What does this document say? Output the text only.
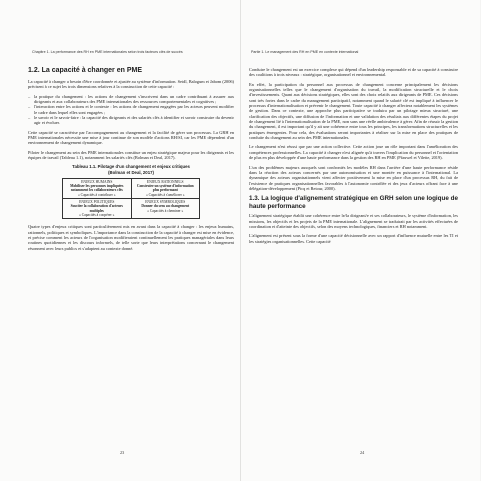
Chapitre 1. La performance des RH en PME internationales selon trois facteurs clés de succès
1.2. La capacité à changer en PME

La capacité à changer a besoin d'être coordonnée et ajustée au système d'information. Seidl, Balogum et Jabom (2006) précisent à ce sujet les trois dimensions relatives à la construction de cette capacité :

– la pratique du changement : les actions de changement s'inscrivent dans un cadre contribuant à assurer aux dirigeants et aux collaborateurs des PME internationales des ressources comportementales et cognitives ;
– l'interaction entre les actions et le contexte : les actions de changement engagées par les acteurs peuvent modifier le cadre dans lequel elles sont engagées ;
– le savoir et le savoir-faire : la capacité des dirigeants et des salariés clés à identifier et savoir construire du devenir agir et évoluer.

Cette capacité se caractérise par l'accompagnement au changement et la facilité de gérer son processus. La GRH en PME internationales nécessite une mise à jour continue de son modèle d'actions RH/SI, car les PME dépendent d'un environnement de changement dynamique.

Piloter le changement au sein des PME internationales constitue un enjeu stratégique majeur pour les dirigeants et les équipes de travail (Tableau 1.1), notamment les salariés clés (Bolman et Deal, 2017).

Tableau 1.1. Pilotage d'un changement et enjeux critiques
(Bolman et Deal, 2017)
ENJEUX HUMAINS
Mobiliser les personnes impliquées notamment les collaborateurs clés
« Capacités à contribuer »	ENJEUX RATIONNELS
Construire un système d'information plus performant
« Capacités à s'améliorer »

ENJEUX POLITIQUES
Susciter la collaboration d'acteurs multiples
« Capacités à coopérer »	ENJEUX SYMBOLIQUES
Donner du sens au changement
« Capacités à cheminer »

Quatre types d'enjeux critiques sont particulièrement mis en avant dans la capacité à changer : les enjeux humains, rationnels, politiques et symboliques. L'importance dans la construction de la capacité à changer est mise en évidence, et précise comment les acteurs de l'organisation modifieraient continuellement les pratiques managériales dans leurs routines quotidiennes et les discours informels, de telle sorte que leurs interprétations concernant le changement résonnent avec leurs publics et s'adaptent au contexte donné.

23
Partie 1. Le management des RH en PME en contexte international

Conduire le changement est un exercice complexe qui dépend d'un leadership responsable et de sa capacité à construire des coalitions à trois niveaux : stratégique, organisationnel et environnemental.

En effet, la participation du personnel aux processus de changement concerne principalement les décisions organisationnelles telles que le changement d'organisation du travail, la modification structurelle et le choix d'investissements. Quant aux décisions stratégiques, elles sont des choix relatifs aux dirigeants de PME. Ces décisions sont très fortes dans le cadre du management participatif, notamment quand le salarié clé est impliqué à influencer le processus d'internationalisation et prévenir le changement. Toute capacité à changer affectera notablement les systèmes de gestion. Dans ce contexte, une approche plus participative se traduira par un pilotage mieux structuré, une clarification des objectifs, une diffusion de l'information et une validation des résultats aux différentes étapes du projet de changement lié à l'internationalisation de la PME, non sans une réelle ambivalence à gérer. Afin de réussir la gestion du changement, il est important qu'il y ait une cohérence entre tous les principes, les transformations structurelles et les pratiques émergentes. Pour cela, des évaluations seront importantes à réaliser sur la mise en place des pratiques de conduite du changement au sein des PME internationales.

Le changement n'est réussi que par une action collective. Cette action joue un rôle important dans l'amélioration des compétences professionnelles. La capacité à changer n'est alignée qu'à travers l'implication du personnel et l'orientation de plus en plus développée d'une haute performance dans la gestion des RH en PME (Pfauwel et Vilette, 2019).

L'un des problèmes majeurs auxquels sont confrontés les modèles RH dans l'arrière d'une haute performance réside dans la réaction des acteurs concernés par une autonomisation et une montée en puissance à l'international. La dynamique des acteurs organisationnels vient affecter positivement la mise en place d'un processus RH, du fait de l'existence de pratiques organisationnelles favorables à l'autonomie contrôlée et des jeux d'acteurs offrant face à une délégation-développement (Picq et Retour, 2000).

1.3. La logique d'alignement stratégique en GRH selon une logique de haute performance

L'alignement stratégique établit une cohérence entre le/la dirigeant/e et ses collaborateurs, le système d'information, les missions, les objectifs et les projets de la PME internationale. L'alignement se traduirait par les activités effectuées de coordination et d'atteinte des objectifs, selon des moyens technologiques, financiers et RH notamment.

L'alignement est présent sous la forme d'une capacité décisionnelle avec un rapport d'influence mutuelle entre les TI et les stratégies organisationnelles. Cette capacité

24
